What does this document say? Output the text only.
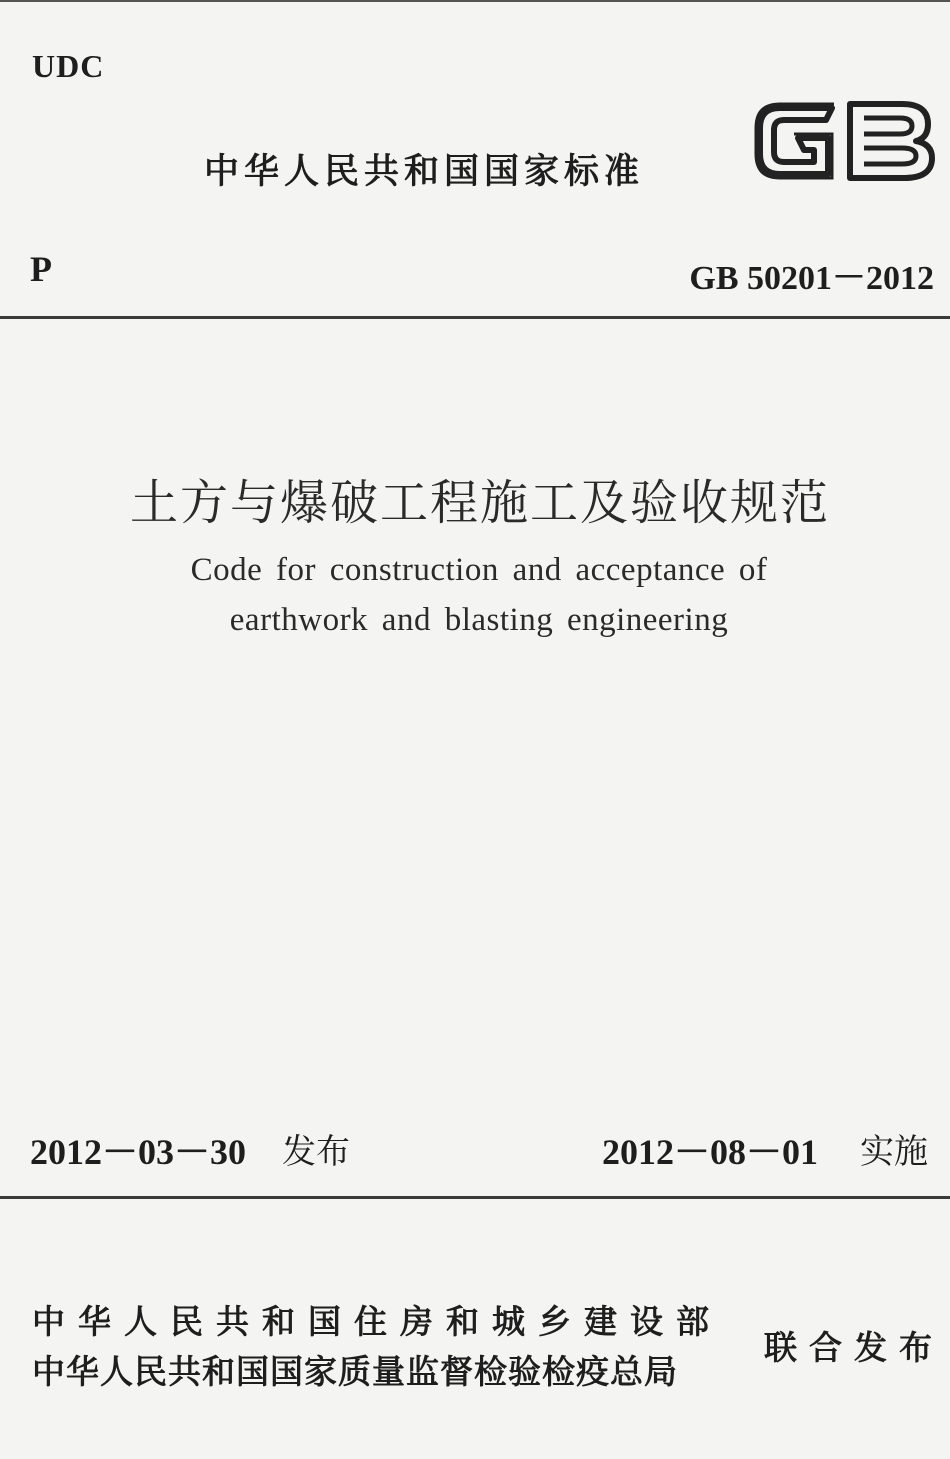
UDC
中华人民共和国国家标准
P	GB 50201－2012
土方与爆破工程施工及验收规范
Code for construction and acceptance of
earthwork and blasting engineering
2012－03－30 发布	2012－08－01 实施
中华人民共和国住房和城乡建设部
中华人民共和国国家质量监督检验检疫总局
联合发布
